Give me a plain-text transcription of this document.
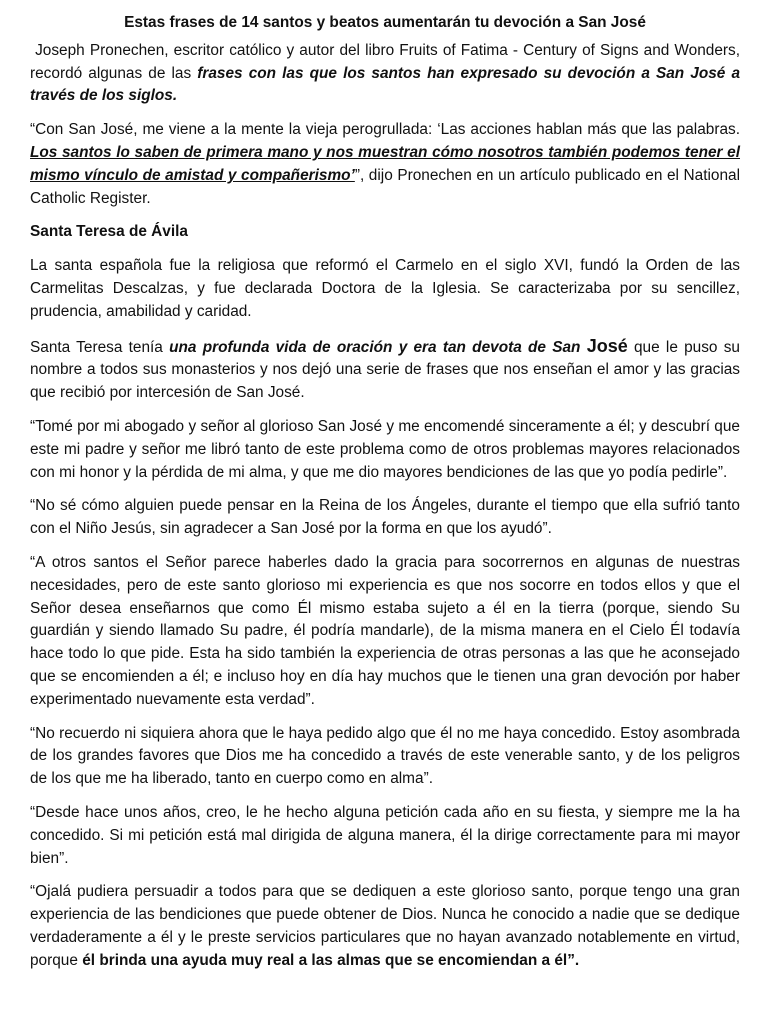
Estas frases de 14 santos y beatos aumentarán tu devoción a San José

Joseph Pronechen, escritor católico y autor del libro Fruits of Fatima - Century of Signs and Wonders, recordó algunas de las frases con las que los santos han expresado su devoción a San José a través de los siglos.

“Con San José, me viene a la mente la vieja perogrullada: ‘Las acciones hablan más que las palabras. Los santos lo saben de primera mano y nos muestran cómo nosotros también podemos tener el mismo vínculo de amistad y compañerismo’”, dijo Pronechen en un artículo publicado en el National Catholic Register.

Santa Teresa de Ávila

La santa española fue la religiosa que reformó el Carmelo en el siglo XVI, fundó la Orden de las Carmelitas Descalzas, y fue declarada Doctora de la Iglesia. Se caracterizaba por su sencillez, prudencia, amabilidad y caridad.

Santa Teresa tenía una profunda vida de oración y era tan devota de San José que le puso su nombre a todos sus monasterios y nos dejó una serie de frases que nos enseñan el amor y las gracias que recibió por intercesión de San José.

“Tomé por mi abogado y señor al glorioso San José y me encomendé sinceramente a él; y descubrí que este mi padre y señor me libró tanto de este problema como de otros problemas mayores relacionados con mi honor y la pérdida de mi alma, y que me dio mayores bendiciones de las que yo podía pedirle”.

“No sé cómo alguien puede pensar en la Reina de los Ángeles, durante el tiempo que ella sufrió tanto con el Niño Jesús, sin agradecer a San José por la forma en que los ayudó”.

“A otros santos el Señor parece haberles dado la gracia para socorrernos en algunas de nuestras necesidades, pero de este santo glorioso mi experiencia es que nos socorre en todos ellos y que el Señor desea enseñarnos que como Él mismo estaba sujeto a él en la tierra (porque, siendo Su guardián y siendo llamado Su padre, él podría mandarle), de la misma manera en el Cielo Él todavía hace todo lo que pide. Esta ha sido también la experiencia de otras personas a las que he aconsejado que se encomienden a él; e incluso hoy en día hay muchos que le tienen una gran devoción por haber experimentado nuevamente esta verdad”.

“No recuerdo ni siquiera ahora que le haya pedido algo que él no me haya concedido. Estoy asombrada de los grandes favores que Dios me ha concedido a través de este venerable santo, y de los peligros de los que me ha liberado, tanto en cuerpo como en alma”.

“Desde hace unos años, creo, le he hecho alguna petición cada año en su fiesta, y siempre me la ha concedido. Si mi petición está mal dirigida de alguna manera, él la dirige correctamente para mi mayor bien”.

“Ojalá pudiera persuadir a todos para que se dediquen a este glorioso santo, porque tengo una gran experiencia de las bendiciones que puede obtener de Dios. Nunca he conocido a nadie que se dedique verdaderamente a él y le preste servicios particulares que no hayan avanzado notablemente en virtud, porque él brinda una ayuda muy real a las almas que se encomiendan a él”.
